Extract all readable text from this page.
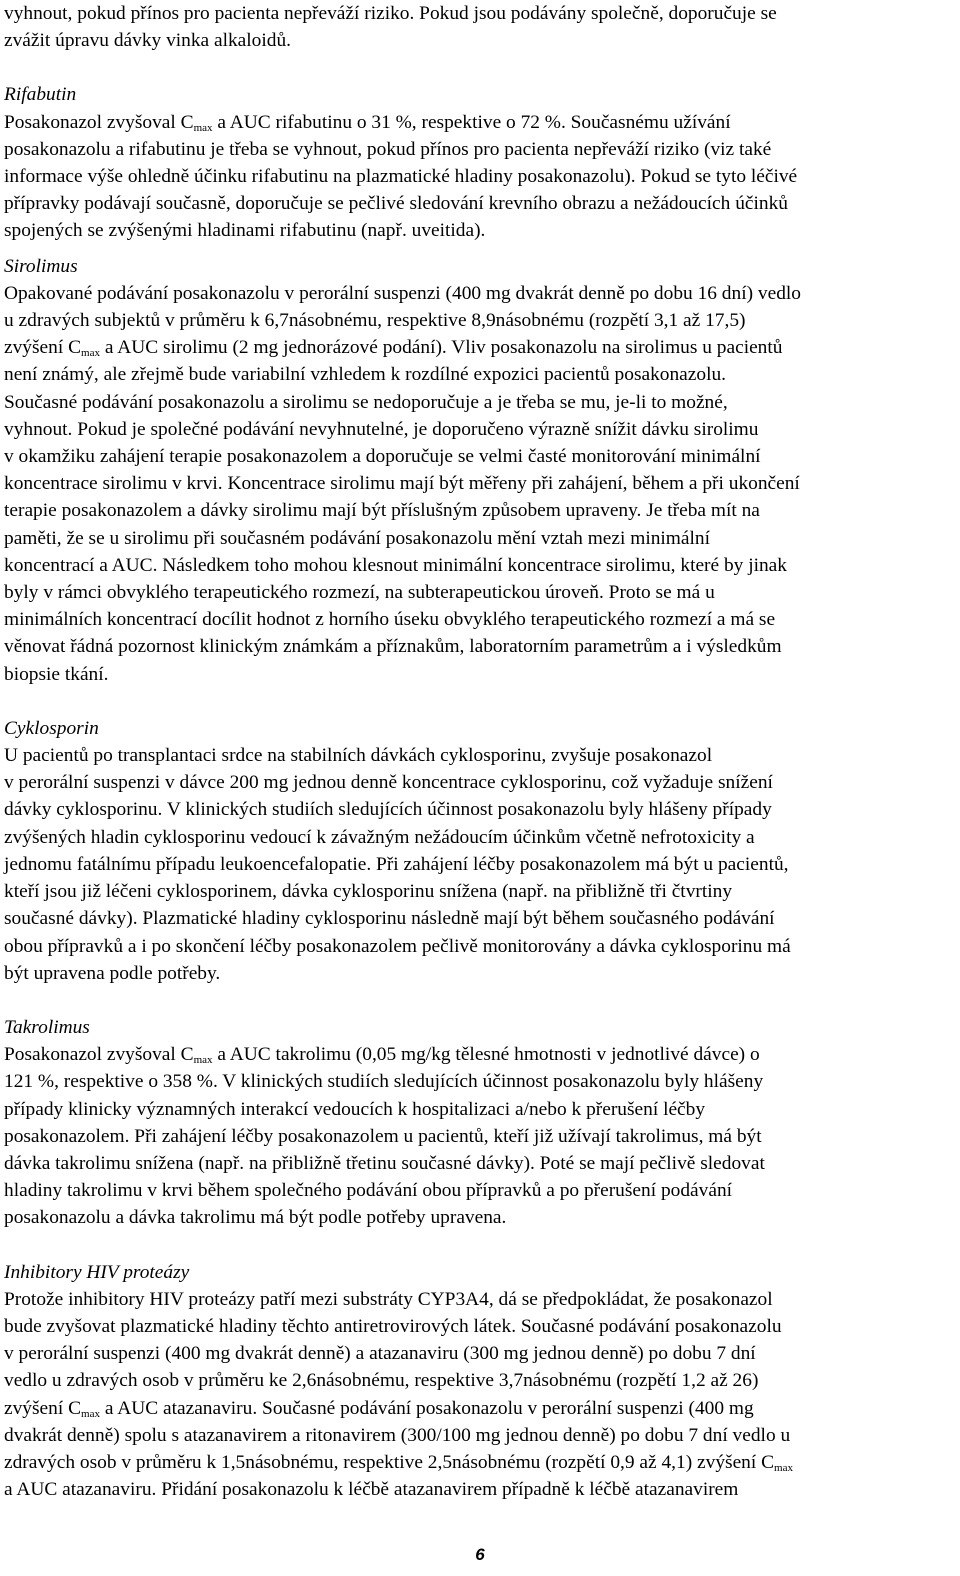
vyhnout, pokud přínos pro pacienta nepřeváží riziko. Pokud jsou podávány společně, doporučuje se
zvážit úpravu dávky vinka alkaloidů.
Rifabutin
Posakonazol zvyšoval $C_{max}$ a AUC rifabutinu o 31 %, respektive o 72 %. Současnému užívání
posakonazolu a rifabutinu je třeba se vyhnout, pokud přínos pro pacienta nepřeváží riziko (viz také
informace výše ohledně účinku rifabutinu na plazmatické hladiny posakonazolu). Pokud se tyto léčivé
přípravky podávají současně, doporučuje se pečlivé sledování krevního obrazu a nežádoucích účinků
spojených se zvýšenými hladinami rifabutinu (např. uveitida).
Sirolimus
Opakované podávání posakonazolu v perorální suspenzi (400 mg dvakrát denně po dobu 16 dní) vedlo
u zdravých subjektů v průměru k 6,7násobnému, respektive 8,9násobnému (rozpětí 3,1 až 17,5)
zvýšení $C_{max}$ a AUC sirolimu (2 mg jednorázové podání). Vliv posakonazolu na sirolimus u pacientů
není známý, ale zřejmě bude variabilní vzhledem k rozdílné expozici pacientů posakonazolu.
Současné podávání posakonazolu a sirolimu se nedoporučuje a je třeba se mu, je-li to možné,
vyhnout. Pokud je společné podávání nevyhnutelné, je doporučeno výrazně snížit dávku sirolimu
v okamžiku zahájení terapie posakonazolem a doporučuje se velmi časté monitorování minimální
koncentrace sirolimu v krvi. Koncentrace sirolimu mají být měřeny při zahájení, během a při ukončení
terapie posakonazolem a dávky sirolimu mají být příslušným způsobem upraveny. Je třeba mít na
paměti, že se u sirolimu při současném podávání posakonazolu mění vztah mezi minimální
koncentrací a AUC. Následkem toho mohou klesnout minimální koncentrace sirolimu, které by jinak
byly v rámci obvyklého terapeutického rozmezí, na subterapeutickou úroveň. Proto se má u
minimálních koncentrací docílit hodnot z horního úseku obvyklého terapeutického rozmezí a má se
věnovat řádná pozornost klinickým známkám a příznakům, laboratorním parametrům a i výsledkům
biopsie tkání.
Cyklosporin
U pacientů po transplantaci srdce na stabilních dávkách cyklosporinu, zvyšuje posakonazol
v perorální suspenzi v dávce 200 mg jednou denně koncentrace cyklosporinu, což vyžaduje snížení
dávky cyklosporinu. V klinických studiích sledujících účinnost posakonazolu byly hlášeny případy
zvýšených hladin cyklosporinu vedoucí k závažným nežádoucím účinkům včetně nefrotoxicity a
jednomu fatálnímu případu leukoencefalopatie. Při zahájení léčby posakonazolem má být u pacientů,
kteří jsou již léčeni cyklosporinem, dávka cyklosporinu snížena (např. na přibližně tři čtvrtiny
současné dávky). Plazmatické hladiny cyklosporinu následně mají být během současného podávání
obou přípravků a i po skončení léčby posakonazolem pečlivě monitorovány a dávka cyklosporinu má
být upravena podle potřeby.
Takrolimus
Posakonazol zvyšoval $C_{max}$ a AUC takrolimu (0,05 mg/kg tělesné hmotnosti v jednotlivé dávce) o
121 %, respektive o 358 %. V klinických studiích sledujících účinnost posakonazolu byly hlášeny
případy klinicky významných interakcí vedoucích k hospitalizaci a/nebo k přerušení léčby
posakonazolem. Při zahájení léčby posakonazolem u pacientů, kteří již užívají takrolimus, má být
dávka takrolimu snížena (např. na přibližně třetinu současné dávky). Poté se mají pečlivě sledovat
hladiny takrolimu v krvi během společného podávání obou přípravků a po přerušení podávání
posakonazolu a dávka takrolimu má být podle potřeby upravena.
Inhibitory HIV proteázy
Protože inhibitory HIV proteázy patří mezi substráty CYP3A4, dá se předpokládat, že posakonazol
bude zvyšovat plazmatické hladiny těchto antiretrovirových látek. Současné podávání posakonazolu
v perorální suspenzi (400 mg dvakrát denně) a atazanaviru (300 mg jednou denně) po dobu 7 dní
vedlo u zdravých osob v průměru ke 2,6násobnému, respektive 3,7násobnému (rozpětí 1,2 až 26)
zvýšení $C_{max}$ a AUC atazanaviru. Současné podávání posakonazolu v perorální suspenzi (400 mg
dvakrát denně) spolu s atazanavirem a ritonavirem (300/100 mg jednou denně) po dobu 7 dní vedlo u
zdravých osob v průměru k 1,5násobnému, respektive 2,5násobnému (rozpětí 0,9 až 4,1) zvýšení $C_{max}$
a AUC atazanaviru. Přidání posakonazolu k léčbě atazanavirem případně k léčbě atazanavirem
6
